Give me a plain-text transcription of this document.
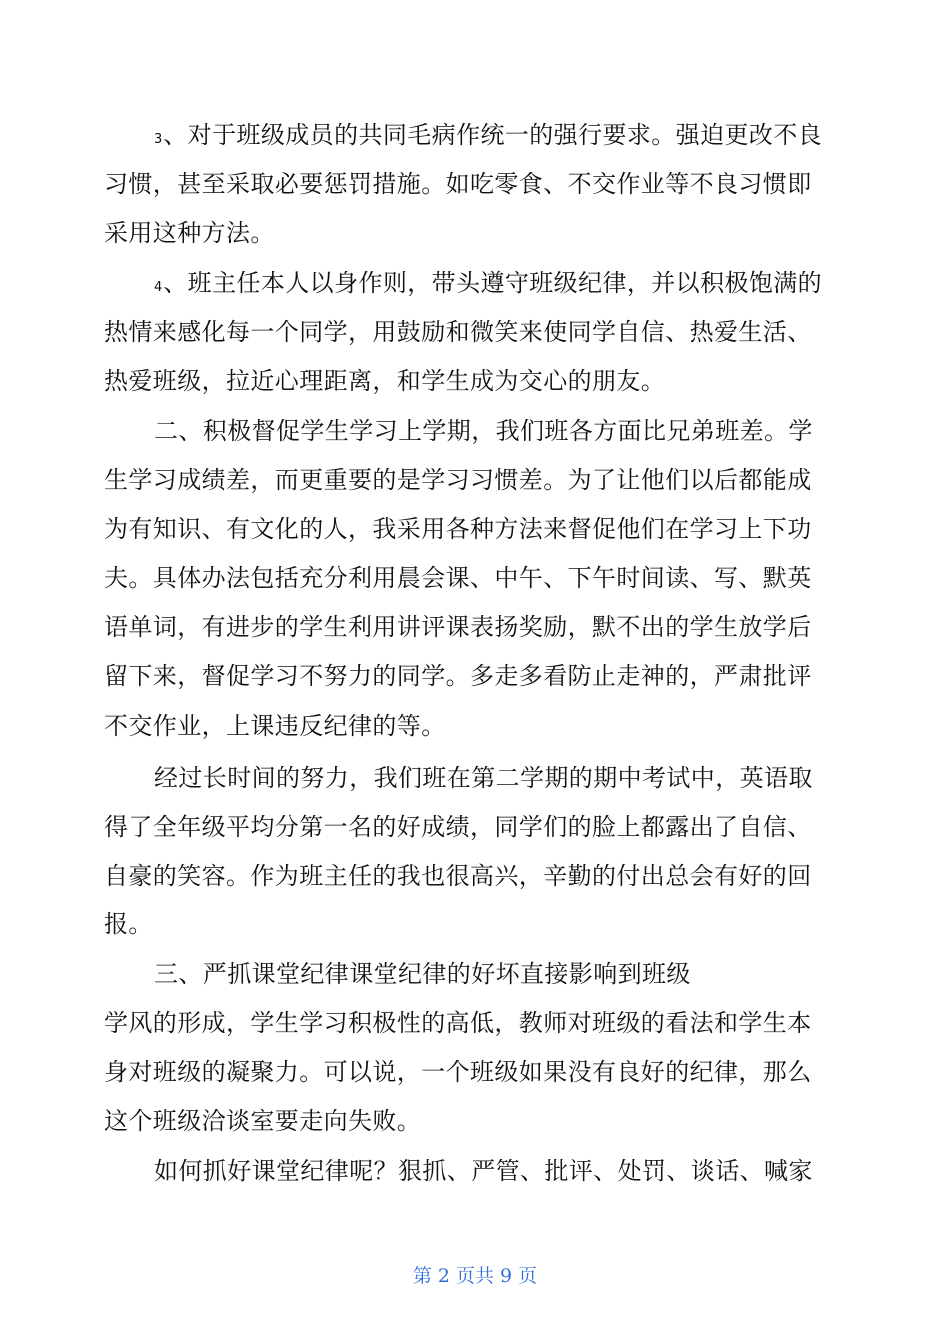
3、对于班级成员的共同毛病作统一的强行要求。强迫更改不良
习惯，甚至采取必要惩罚措施。如吃零食、不交作业等不良习惯即
采用这种方法。
4、班主任本人以身作则，带头遵守班级纪律，并以积极饱满的
热情来感化每一个同学，用鼓励和微笑来使同学自信、热爱生活、
热爱班级，拉近心理距离，和学生成为交心的朋友。
二、积极督促学生学习上学期，我们班各方面比兄弟班差。学
生学习成绩差，而更重要的是学习习惯差。为了让他们以后都能成
为有知识、有文化的人，我采用各种方法来督促他们在学习上下功
夫。具体办法包括充分利用晨会课、中午、下午时间读、写、默英
语单词，有进步的学生利用讲评课表扬奖励，默不出的学生放学后
留下来，督促学习不努力的同学。多走多看防止走神的，严肃批评
不交作业，上课违反纪律的等。
经过长时间的努力，我们班在第二学期的期中考试中，英语取
得了全年级平均分第一名的好成绩，同学们的脸上都露出了自信、
自豪的笑容。作为班主任的我也很高兴，辛勤的付出总会有好的回
报。
三、严抓课堂纪律课堂纪律的好坏直接影响到班级
学风的形成，学生学习积极性的高低，教师对班级的看法和学生本
身对班级的凝聚力。可以说，一个班级如果没有良好的纪律，那么
这个班级洽谈室要走向失败。
如何抓好课堂纪律呢？狠抓、严管、批评、处罚、谈话、喊家
第 2 页共 9 页
